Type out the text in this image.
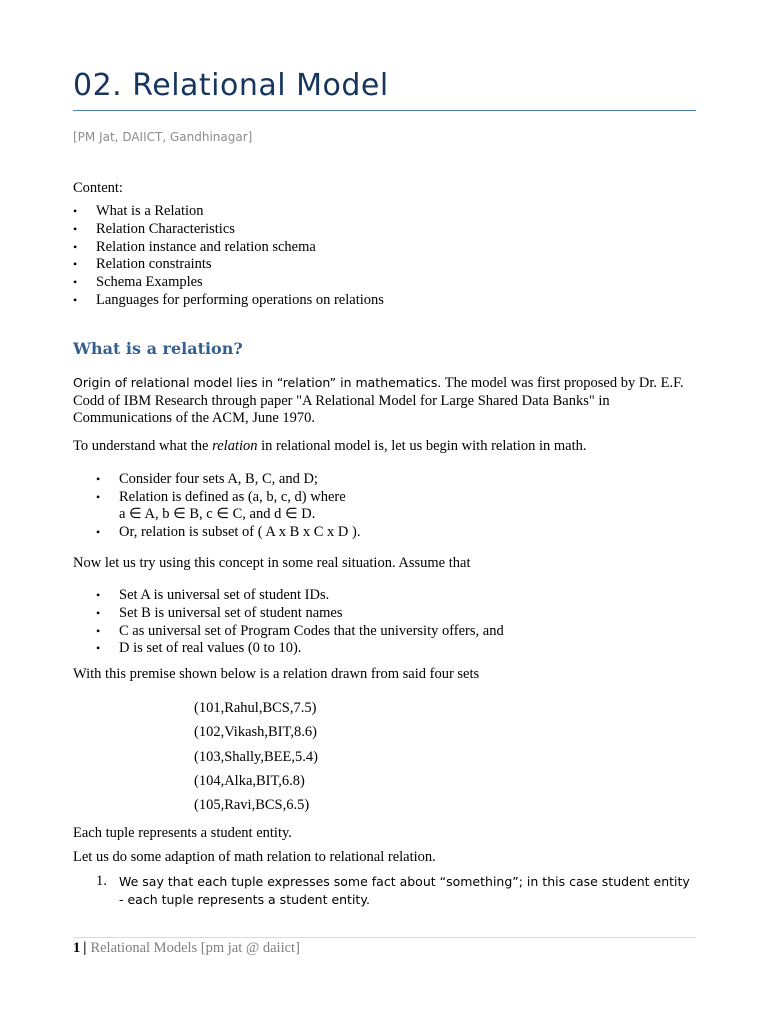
02. Relational Model
[PM Jat, DAIICT, Gandhinagar]
Content:
• What is a Relation
• Relation Characteristics
• Relation instance and relation schema
• Relation constraints
• Schema Examples
• Languages for performing operations on relations
What is a relation?

Origin of relational model lies in “relation” in mathematics. The model was first proposed by Dr. E.F. Codd of IBM Research through paper "A Relational Model for Large Shared Data Banks" in Communications of the ACM, June 1970.

To understand what the relation in relational model is, let us begin with relation in math.

• Consider four sets A, B, C, and D;
• Relation is defined as (a, b, c, d) where
• Or, relation is subset of ( A x B x C x D ).
a ∈ A, b ∈ B, c ∈ C, and d ∈ D.

Now let us try using this concept in some real situation. Assume that

• Set A is universal set of student IDs.
• Set B is universal set of student names
• C as universal set of Program Codes that the university offers, and
• D is set of real values (0 to 10).

With this premise shown below is a relation drawn from said four sets

(101,Rahul,BCS,7.5)
(102,Vikash,BIT,8.6)
(103,Shally,BEE,5.4)
(104,Alka,BIT,6.8)
(105,Ravi,BCS,6.5)

Each tuple represents a student entity.

Let us do some adaption of math relation to relational relation.

1. We say that each tuple expresses some fact about “something”; in this case student entity - each tuple represents a student entity.
1 | Relational Models [pm jat @ daiict]
